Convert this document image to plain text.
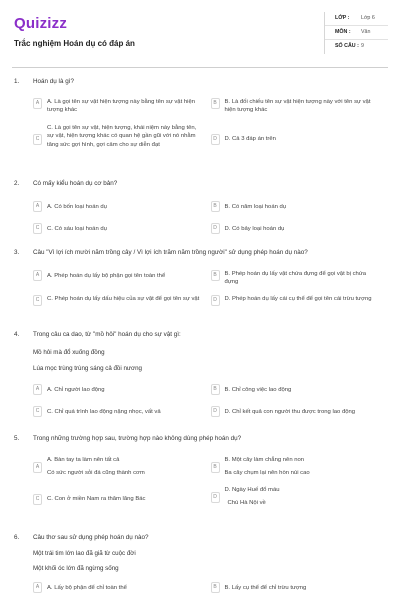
Quizizz
Trắc nghiệm Hoán dụ có đáp án
LỚP :	Lớp 6
MÔN :	Văn
SỐ CÂU : 9
1.	Hoán dụ là gì?
A	A. Là gọi tên sự vật hiện tượng này bằng tên sự vật hiện tượng khác
B	B. Là đối chiếu tên sự vật hiện tượng này với tên sự vật hiện tượng khác
C
C. Là gọi tên sự vật, hiện tượng, khái niệm này bằng tên, sự vật, hiện tượng khác có quan hệ gần gũi với nó nhằm tăng sức gợi hình, gợi cảm cho sự diễn đạt
D	D. Cả 3 đáp án trên
2.	Có mấy kiểu hoán dụ cơ bản?
A	A. Có bốn loại hoán dụ	B	B. Có năm loại hoán dụ
C	C. Có sáu loại hoán dụ	D	D. Có bảy loại hoán dụ
3.	Câu "Vì lợi ích mười năm trồng cây / Vì lợi ích trăm năm trồng người" sử dụng phép hoán dụ nào?
A	A. Phép hoán dụ lấy bộ phận gọi tên toàn thể	B	B. Phép hoán dụ lấy vật chứa đựng để gọi vật bị chứa đựng
C	C. Phép hoán dụ lấy dấu hiệu của sự vật để gọi tên sự vật	D	D. Phép hoán dụ lấy cái cụ thể để gọi tên cái trừu tượng
4.	Trong câu ca dao, từ "mồ hôi" hoán dụ cho sự vật gì:
Mồ hôi mà đổ xuống đồng
Lúa mọc trùng trùng sáng cả đồi nương
A	A. Chỉ người lao động	B	B. Chỉ công việc lao động
C	C. Chỉ quá trình lao động nặng nhọc, vất vả	D	D. Chỉ kết quả con người thu được trong lao động
5.	Trong những trường hợp sau, trường hợp nào không dùng phép hoán dụ?
A
A. Bàn tay ta làm nên tất cả
Có sức người sỏi đá cũng thành cơm
B
B. Một cây làm chẳng nên non
Ba cây chụm lại nên hòn núi cao
C	C. Con ở miền Nam ra thăm lăng Bác	D
D. Ngày Huế đổ máu
Chú Hà Nội về
6.	Câu thơ sau sử dụng phép hoán dụ nào?
Một trái tim lớn lao đã giã từ cuộc đời
Một khối óc lớn đã ngừng sống
A	A. Lấy bộ phận để chỉ toàn thể	B	B. Lấy cụ thể để chỉ trừu tượng
